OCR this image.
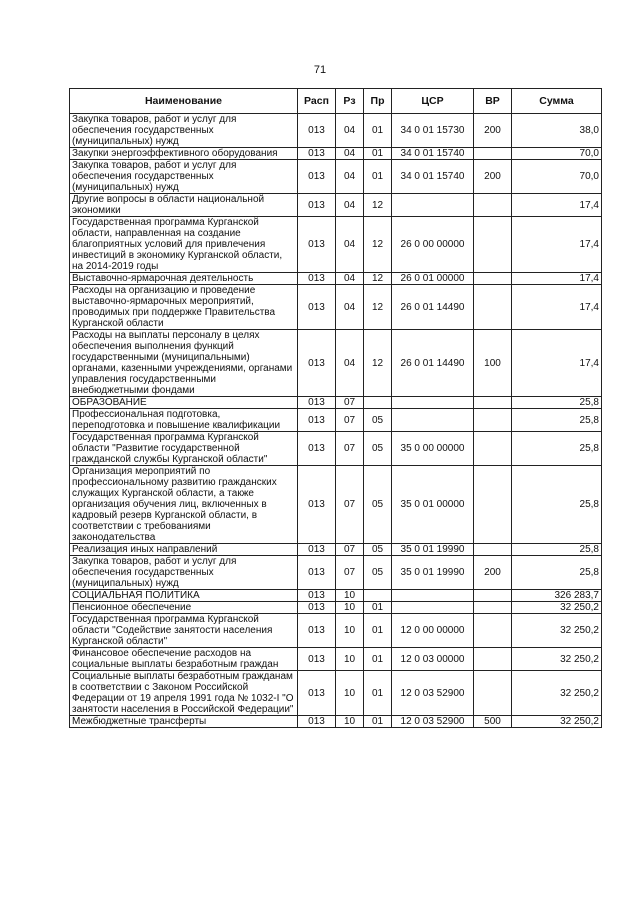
71
Наименование	Расп	Рз	Пр	ЦСР	ВР	Сумма
Закупка товаров, работ и услуг для обеспечения государственных (муниципальных) нужд	013	04	01	34 0 01 15730	200	38,0
Закупки энергоэффективного оборудования	013	04	01	34 0 01 15740		70,0
Закупка товаров, работ и услуг для обеспечения государственных (муниципальных) нужд	013	04	01	34 0 01 15740	200	70,0
Другие вопросы в области национальной экономики	013	04	12			17,4
Государственная программа Курганской области, направленная на создание благоприятных условий для привлечения инвестиций в экономику Курганской области, на 2014-2019 годы	013	04	12	26 0 00 00000		17,4
Выставочно-ярмарочная деятельность	013	04	12	26 0 01 00000		17,4
Расходы на организацию и проведение выставочно-ярмарочных мероприятий, проводимых при поддержке Правительства Курганской области	013	04	12	26 0 01 14490		17,4
Расходы на выплаты персоналу в целях обеспечения выполнения функций государственными (муниципальными) органами, казенными учреждениями, органами управления государственными внебюджетными фондами	013	04	12	26 0 01 14490	100	17,4
ОБРАЗОВАНИЕ	013	07				25,8
Профессиональная подготовка, переподготовка и повышение квалификации	013	07	05			25,8
Государственная программа Курганской области "Развитие государственной гражданской службы Курганской области"	013	07	05	35 0 00 00000		25,8
Организация мероприятий по профессиональному развитию гражданских служащих Курганской области, а также организация обучения лиц, включенных в кадровый резерв Курганской области, в соответствии с требованиями законодательства	013	07	05	35 0 01 00000		25,8
Реализация иных направлений	013	07	05	35 0 01 19990		25,8
Закупка товаров, работ и услуг для обеспечения государственных (муниципальных) нужд	013	07	05	35 0 01 19990	200	25,8
СОЦИАЛЬНАЯ ПОЛИТИКА	013	10				326 283,7
Пенсионное обеспечение	013	10	01			32 250,2
Государственная программа Курганской области "Содействие занятости населения Курганской области"	013	10	01	12 0 00 00000		32 250,2
Финансовое обеспечение расходов на социальные выплаты безработным граждан	013	10	01	12 0 03 00000		32 250,2
Социальные выплаты безработным гражданам в соответствии с Законом Российской Федерации от 19 апреля 1991 года № 1032-I "О занятости населения в Российской Федерации"	013	10	01	12 0 03 52900		32 250,2
Межбюджетные трансферты	013	10	01	12 0 03 52900	500	32 250,2
